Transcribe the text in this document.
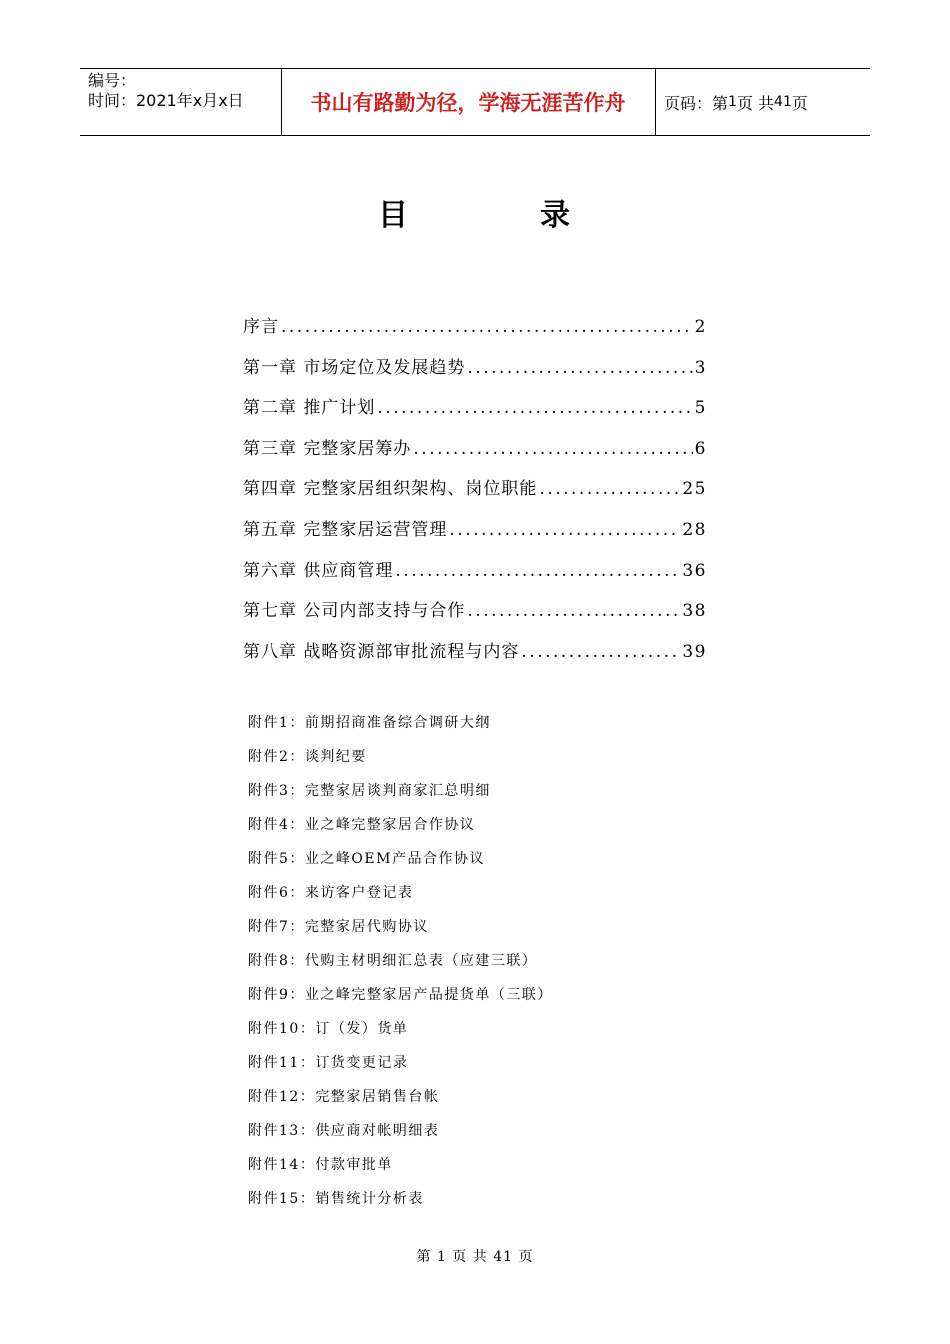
编号：
时间：2021年x月x日	书山有路勤为径，学海无涯苦作舟	页码：第 1 页 共 41 页
目	录
序言 .....	2
第一章 市场定位及发展趋势 .....	3
第二章 推广计划 .....	5
第三章 完整家居筹办 .....	6
第四章 完整家居组织架构、岗位职能 .....	25
第五章 完整家居运营管理 .....	28
第六章 供应商管理 .....	36
第七章 公司内部支持与合作 .....	38
第八章 战略资源部审批流程与内容 .....	39
附件1：前期招商准备综合调研大纲
附件2：谈判纪要
附件3：完整家居谈判商家汇总明细
附件4：业之峰完整家居合作协议
附件5：业之峰OEM产品合作协议
附件6：来访客户登记表
附件7：完整家居代购协议
附件8：代购主材明细汇总表（应建三联）
附件9：业之峰完整家居产品提货单（三联）
附件10：订（发）货单
附件11：订货变更记录
附件12：完整家居销售台帐
附件13：供应商对帐明细表
附件14：付款审批单
附件15：销售统计分析表
第 1 页 共 41 页
